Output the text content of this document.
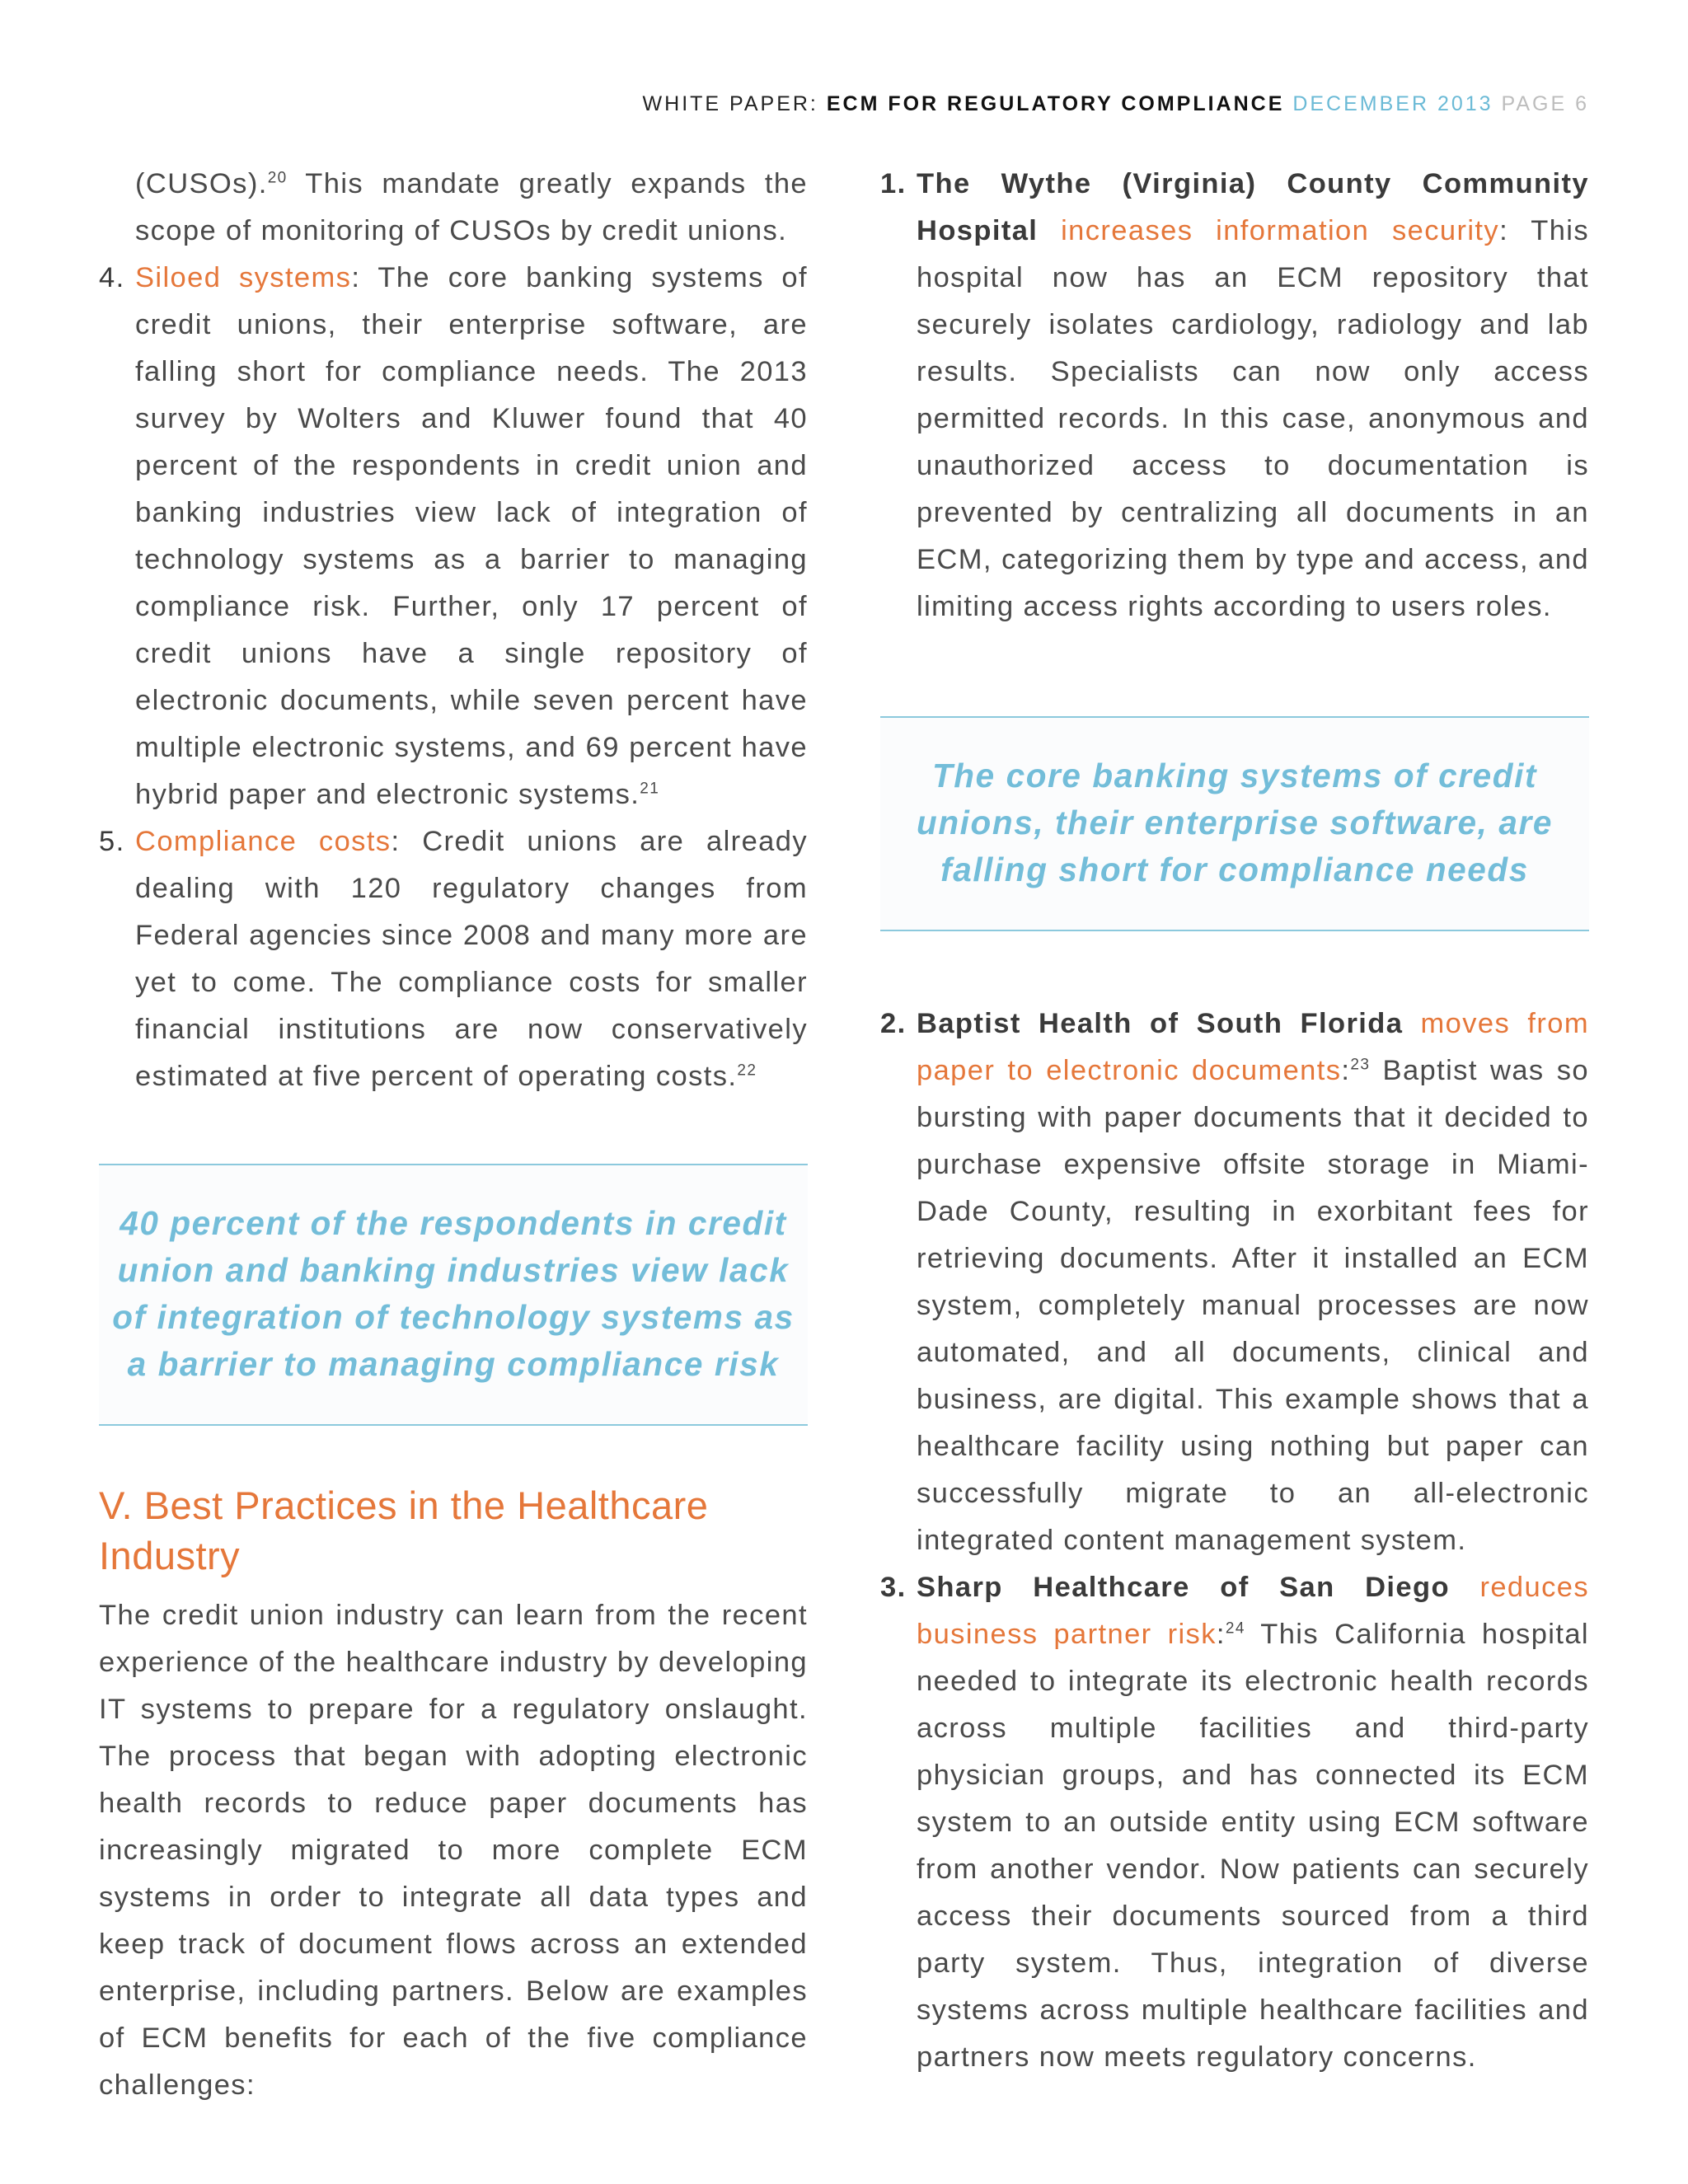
WHITE PAPER: ECM FOR REGULATORY COMPLIANCE DECEMBER 2013 PAGE 6

(CUSOs).$^{20}$ This mandate greatly expands the scope of monitoring of CUSOs by credit unions.

4. Siloed systems: The core banking systems of credit unions, their enterprise software, are falling short for compliance needs. The 2013 survey by Wolters and Kluwer found that 40 percent of the respondents in credit union and banking industries view lack of integration of technology systems as a barrier to managing compliance risk. Further, only 17 percent of credit unions have a single repository of electronic documents, while seven percent have multiple electronic systems, and 69 percent have hybrid paper and electronic systems.$^{21}$
5. Compliance costs: Credit unions are already dealing with 120 regulatory changes from Federal agencies since 2008 and many more are yet to come. The compliance costs for smaller financial institutions are now conservatively estimated at five percent of operating costs.$^{22}$
40 percent of the respondents in credit union and banking industries view lack of integration of technology systems as a barrier to managing compliance risk
V. Best Practices in the Healthcare Industry

The credit union industry can learn from the recent experience of the healthcare industry by developing IT systems to prepare for a regulatory onslaught. The process that began with adopting electronic health records to reduce paper documents has increasingly migrated to more complete ECM systems in order to integrate all data types and keep track of document flows across an extended enterprise, including partners. Below are examples of ECM benefits for each of the five compliance challenges:

1. The Wythe (Virginia) County Community Hospital increases information security: This hospital now has an ECM repository that securely isolates cardiology, radiology and lab results. Specialists can now only access permitted records. In this case, anonymous and unauthorized access to documentation is prevented by centralizing all documents in an ECM, categorizing them by type and access, and limiting access rights according to users roles.
The core banking systems of credit unions, their enterprise software, are falling short for compliance needs
2. Baptist Health of South Florida moves from paper to electronic documents:$^{23}$ Baptist was so bursting with paper documents that it decided to purchase expensive offsite storage in Miami-Dade County, resulting in exorbitant fees for retrieving documents. After it installed an ECM system, completely manual processes are now automated, and all documents, clinical and business, are digital. This example shows that a healthcare facility using nothing but paper can successfully migrate to an all-electronic integrated content management system.
3. Sharp Healthcare of San Diego reduces business partner risk:$^{24}$ This California hospital needed to integrate its electronic health records across multiple facilities and third-party physician groups, and has connected its ECM system to an outside entity using ECM software from another vendor. Now patients can securely access their documents sourced from a third party system. Thus, integration of diverse systems across multiple healthcare facilities and partners now meets regulatory concerns.
